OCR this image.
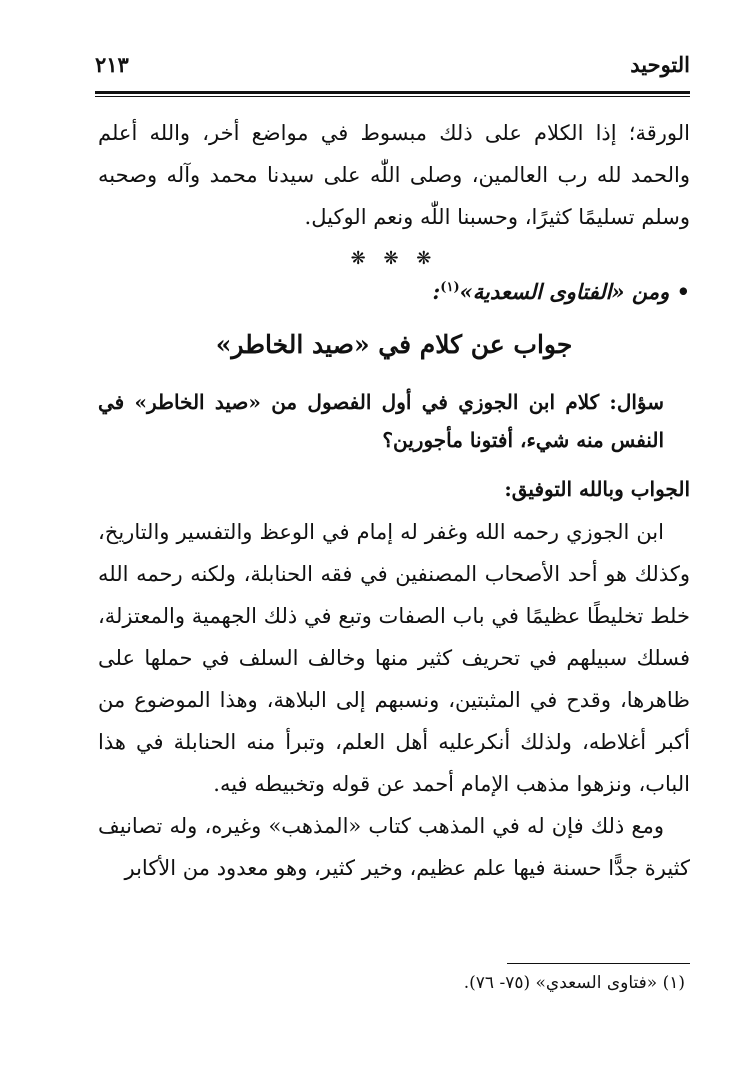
التوحيد
٢١٣

الورقة؛ إذا الكلام على ذلك مبسوط في مواضع أخر، والله أعلم والحمد لله رب العالمين، وصلى اللّٰه على سيدنا محمد وآله وصحبه وسلم تسليمًا كثيرًا، وحسبنا اللّٰه ونعم الوكيل.

❋ ❋ ❋
• ومن «الفتاوى السعدية»$^{(١)}$:
جواب عن كلام في «صيد الخاطر»

سؤال: كلام ابن الجوزي في أول الفصول من «صيد الخاطر» في النفس منه شيء، أفتونا مأجورين؟

الجواب وبالله التوفيق:

ابن الجوزي رحمه الله وغفر له إمام في الوعظ والتفسير والتاريخ، وكذلك هو أحد الأصحاب المصنفين في فقه الحنابلة، ولكنه رحمه الله خلط تخليطًا عظيمًا في باب الصفات وتبع في ذلك الجهمية والمعتزلة، فسلك سبيلهم في تحريف كثير منها وخالف السلف في حملها على ظاهرها، وقدح في المثبتين، ونسبهم إلى البلاهة، وهذا الموضوع من أكبر أغلاطه، ولذلك أنكرعليه أهل العلم، وتبرأ منه الحنابلة في هذا الباب، ونزهوا مذهب الإمام أحمد عن قوله وتخبيطه فيه.

ومع ذلك فإن له في المذهب كتاب «المذهب» وغيره، وله تصانيف كثيرة جدًّا حسنة فيها علم عظيم، وخير كثير، وهو معدود من الأكابر

(١) «فتاوى السعدي» (٧٥- ٧٦).
